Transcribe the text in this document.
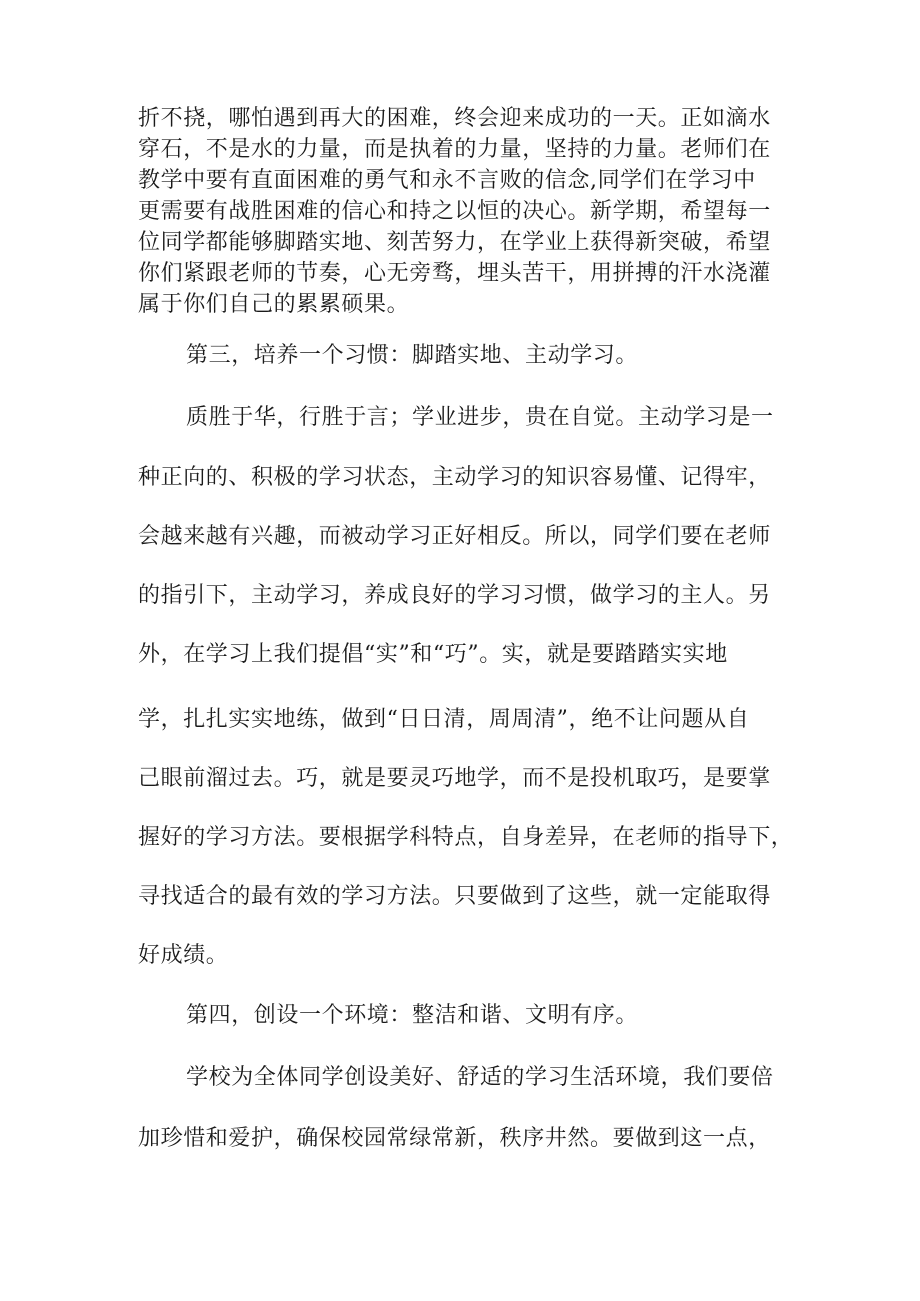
折不挠，哪怕遇到再大的困难，终会迎来成功的一天。正如滴水
穿石，不是水的力量，而是执着的力量，坚持的力量。老师们在
教学中要有直面困难的勇气和永不言败的信念,同学们在学习中
更需要有战胜困难的信心和持之以恒的决心。新学期，希望每一
位同学都能够脚踏实地、刻苦努力，在学业上获得新突破，希望
你们紧跟老师的节奏，心无旁骛，埋头苦干，用拼搏的汗水浇灌
属于你们自己的累累硕果。
第三，培养一个习惯：脚踏实地、主动学习。
质胜于华，行胜于言；学业进步，贵在自觉。主动学习是一
种正向的、积极的学习状态，主动学习的知识容易懂、记得牢，
会越来越有兴趣，而被动学习正好相反。所以，同学们要在老师
的指引下，主动学习，养成良好的学习习惯，做学习的主人。另
外，在学习上我们提倡“实”和“巧”。实，就是要踏踏实实地
学，扎扎实实地练，做到“日日清，周周清”，绝不让问题从自
己眼前溜过去。巧，就是要灵巧地学，而不是投机取巧，是要掌
握好的学习方法。要根据学科特点，自身差异，在老师的指导下，
寻找适合的最有效的学习方法。只要做到了这些，就一定能取得
好成绩。
第四，创设一个环境：整洁和谐、文明有序。
学校为全体同学创设美好、舒适的学习生活环境，我们要倍
加珍惜和爱护，确保校园常绿常新，秩序井然。要做到这一点，
